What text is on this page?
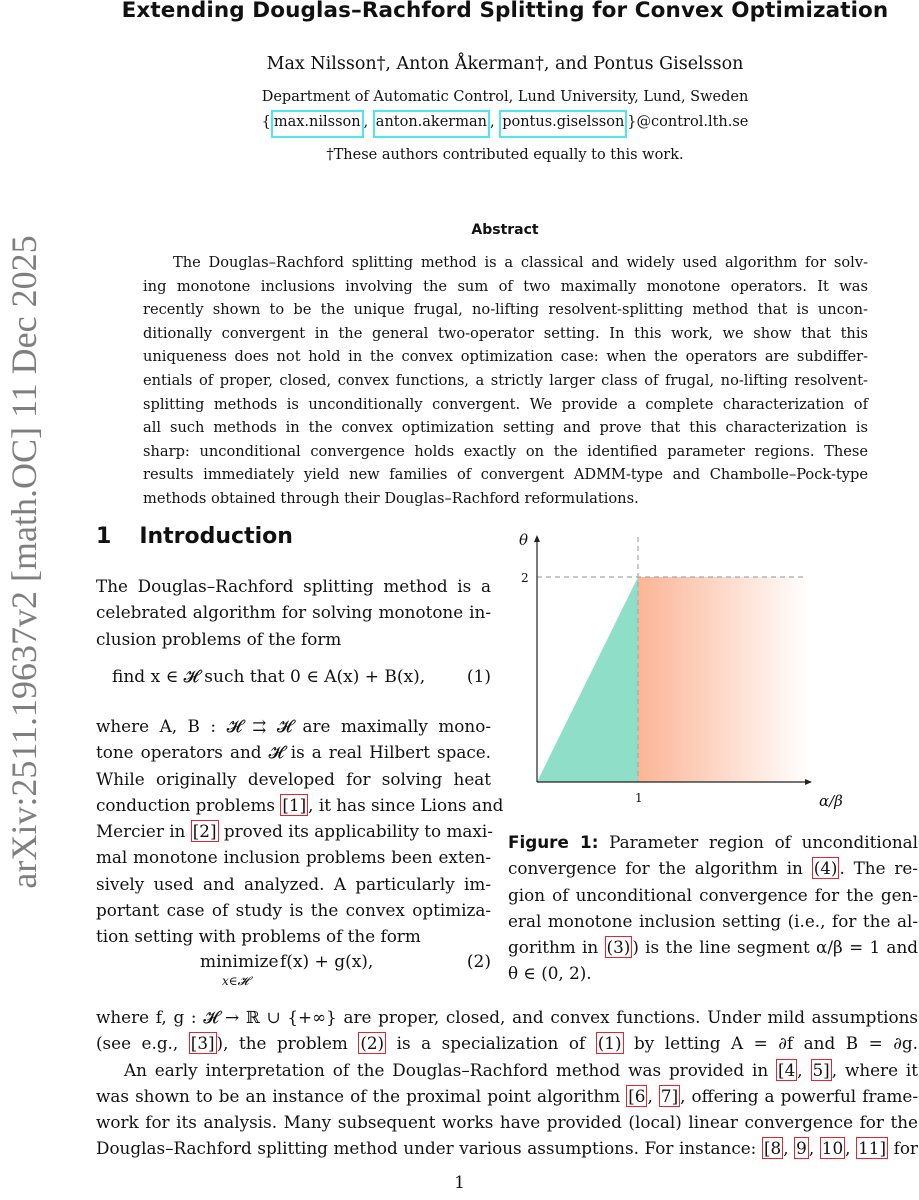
arXiv:2511.19637v2 [math.OC] 11 Dec 2025
Extending Douglas–Rachford Splitting for Convex Optimization
Max Nilsson†, Anton Åkerman†, and Pontus Giselsson
Department of Automatic Control, Lund University, Lund, Sweden
{ max.nilsson , anton.akerman , pontus.giselsson }@control.lth.se
†These authors contributed equally to this work.
Abstract
The Douglas–Rachford splitting method is a classical and widely used algorithm for solv-
ing monotone inclusions involving the sum of two maximally monotone operators. It was
recently shown to be the unique frugal, no-lifting resolvent-splitting method that is uncon-
ditionally convergent in the general two-operator setting. In this work, we show that this
uniqueness does not hold in the convex optimization case: when the operators are subdiffer-
entials of proper, closed, convex functions, a strictly larger class of frugal, no-lifting resolvent-
splitting methods is unconditionally convergent. We provide a complete characterization of
all such methods in the convex optimization setting and prove that this characterization is
sharp: unconditional convergence holds exactly on the identified parameter regions. These
results immediately yield new families of convergent ADMM-type and Chambolle–Pock-type
methods obtained through their Douglas–Rachford reformulations.
1 Introduction
The Douglas–Rachford splitting method is a
celebrated algorithm for solving monotone in-
clusion problems of the form
find x ∈ 𝓗 such that 0 ∈ A(x) + B(x), (1)
where A, B : 𝓗 ⇉ 𝓗 are maximally mono-
tone operators and 𝓗 is a real Hilbert space.
While originally developed for solving heat
conduction problems [1] , it has since Lions and
Mercier in [2] proved its applicability to maxi-
mal monotone inclusion problems been exten-
sively used and analyzed. A particularly im-
portant case of study is the convex optimiza-
tion setting with problems of the form
minimize
x∈𝓗
f(x) + g(x),	(2)
θ
α/β
2
1
Figure 1: Parameter region of unconditional
convergence for the algorithm in (4) . The re-
gion of unconditional convergence for the gen-
eral monotone inclusion setting (i.e., for the al-
gorithm in (3) ) is the line segment α/β = 1 and
θ ∈ (0, 2).
where f, g : 𝓗 → ℝ ∪ {+∞} are proper, closed, and convex functions. Under mild assumptions
(see e.g., [3] ), the problem (2) is a specialization of (1) by letting A = ∂f and B = ∂g.
An early interpretation of the Douglas–Rachford method was provided in [4 , 5] , where it
was shown to be an instance of the proximal point algorithm [6 , 7] , offering a powerful frame-
work for its analysis. Many subsequent works have provided (local) linear convergence for the
Douglas–Rachford splitting method under various assumptions. For instance: [8 , 9 , 10 , 11] for
1
